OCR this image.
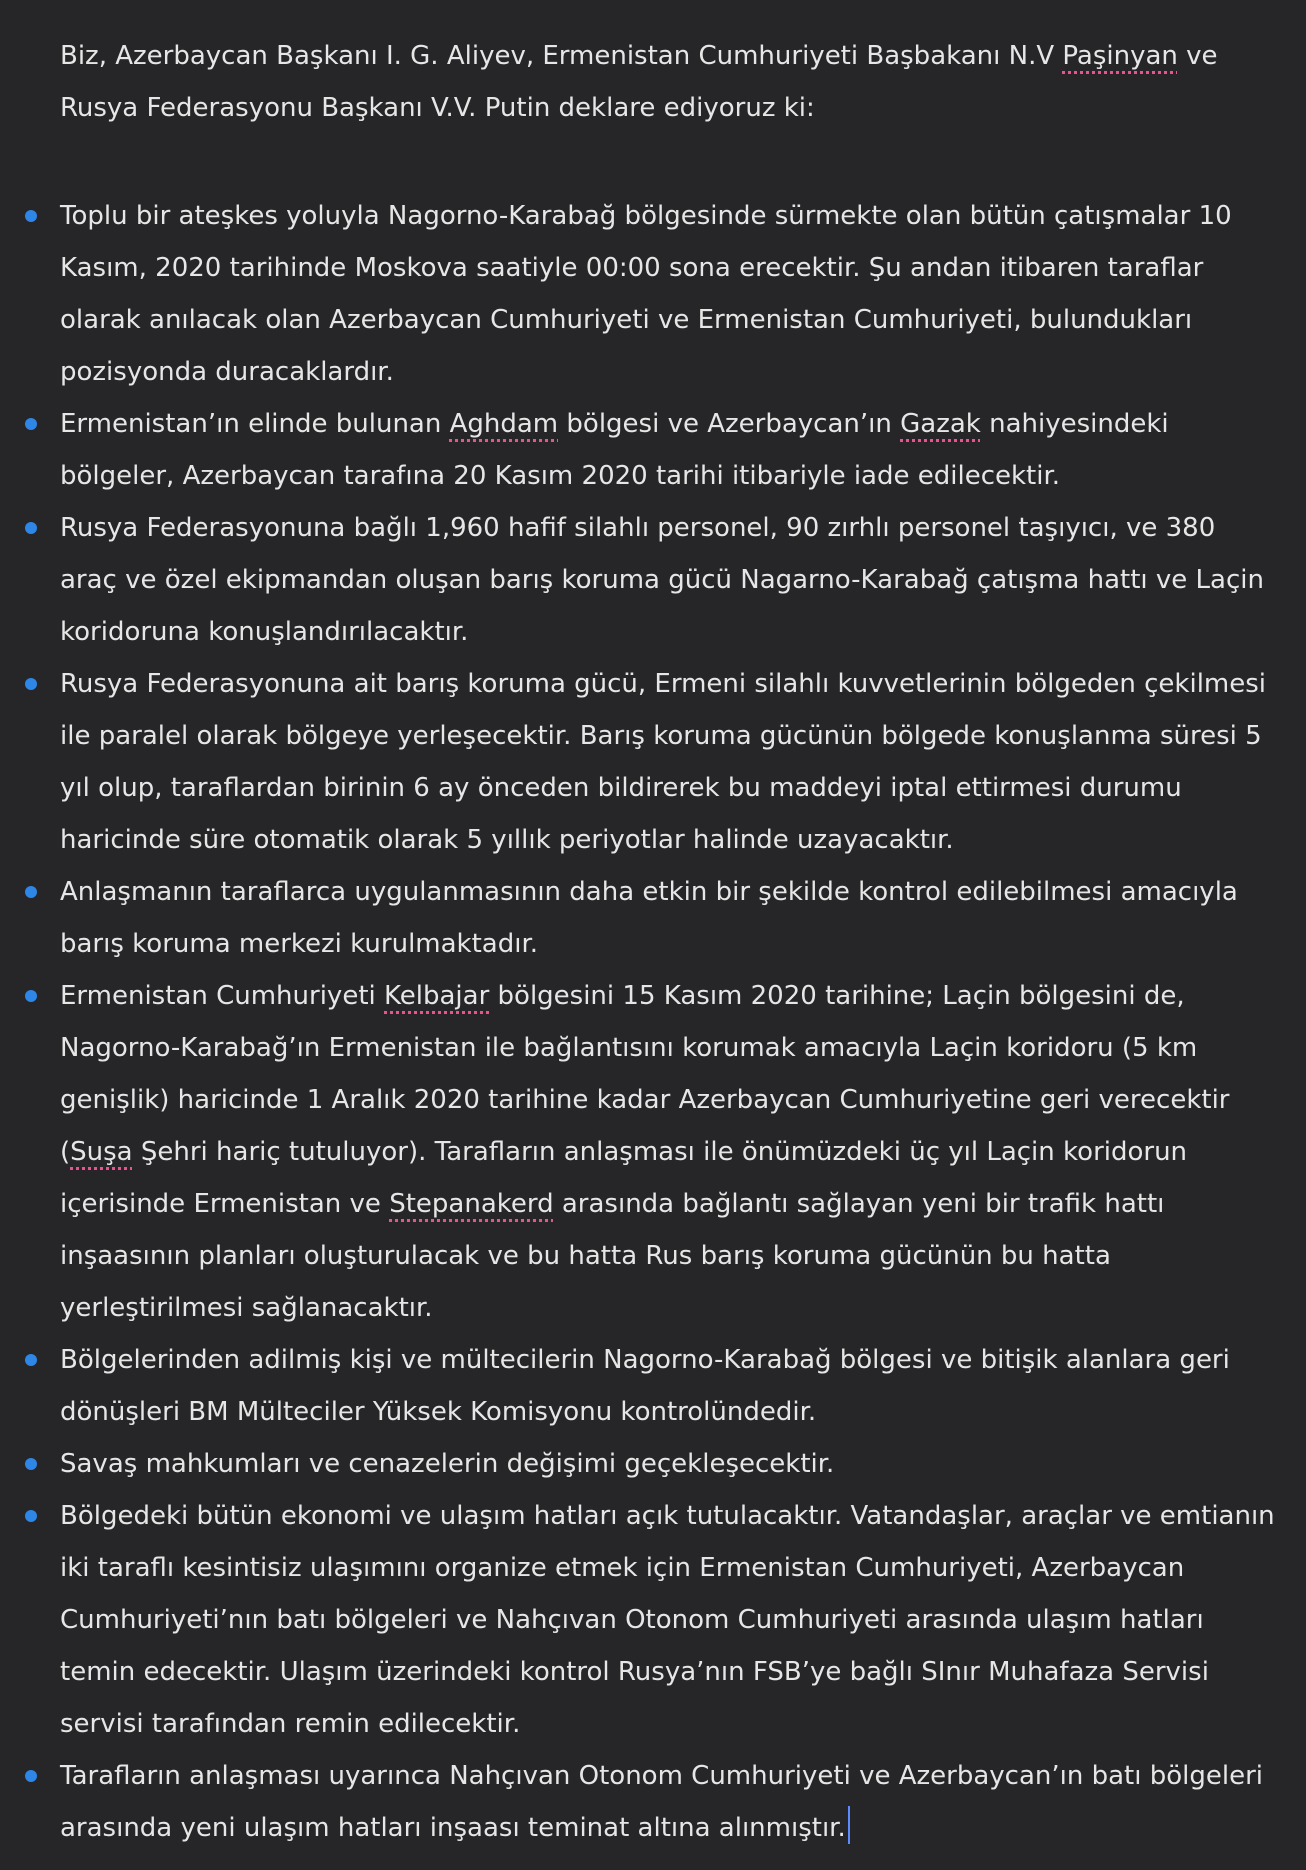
Biz, Azerbaycan Başkanı I. G. Aliyev, Ermenistan Cumhuriyeti Başbakanı N.V Paşinyan ve Rusya Federasyonu Başkanı V.V. Putin deklare ediyoruz ki:

Toplu bir ateşkes yoluyla Nagorno-Karabağ bölgesinde sürmekte olan bütün çatışmalar 10 Kasım, 2020 tarihinde Moskova saatiyle 00:00 sona erecektir. Şu andan itibaren taraflar olarak anılacak olan Azerbaycan Cumhuriyeti ve Ermenistan Cumhuriyeti, bulundukları pozisyonda duracaklardır.
Ermenistan’ın elinde bulunan Aghdam bölgesi ve Azerbaycan’ın Gazak nahiyesindeki bölgeler, Azerbaycan tarafına 20 Kasım 2020 tarihi itibariyle iade edilecektir.
Rusya Federasyonuna bağlı 1,960 hafif silahlı personel, 90 zırhlı personel taşıyıcı, ve 380 araç ve özel ekipmandan oluşan barış koruma gücü Nagarno-Karabağ çatışma hattı ve Laçin koridoruna konuşlandırılacaktır.
Rusya Federasyonuna ait barış koruma gücü, Ermeni silahlı kuvvetlerinin bölgeden çekilmesi ile paralel olarak bölgeye yerleşecektir. Barış koruma gücünün bölgede konuşlanma süresi 5 yıl olup, taraflardan birinin 6 ay önceden bildirerek bu maddeyi iptal ettirmesi durumu haricinde süre otomatik olarak 5 yıllık periyotlar halinde uzayacaktır.
Anlaşmanın taraflarca uygulanmasının daha etkin bir şekilde kontrol edilebilmesi amacıyla barış koruma merkezi kurulmaktadır.
Ermenistan Cumhuriyeti Kelbajar bölgesini 15 Kasım 2020 tarihine; Laçin bölgesini de, Nagorno-Karabağ’ın Ermenistan ile bağlantısını korumak amacıyla Laçin koridoru (5 km genişlik) haricinde 1 Aralık 2020 tarihine kadar Azerbaycan Cumhuriyetine geri verecektir (Suşa Şehri hariç tutuluyor). Tarafların anlaşması ile önümüzdeki üç yıl Laçin koridorun içerisinde Ermenistan ve Stepanakerd arasında bağlantı sağlayan yeni bir trafik hattı inşaasının planları oluşturulacak ve bu hatta Rus barış koruma gücünün bu hatta yerleştirilmesi sağlanacaktır.
Bölgelerinden adilmiş kişi ve mültecilerin Nagorno-Karabağ bölgesi ve bitişik alanlara geri dönüşleri BM Mülteciler Yüksek Komisyonu kontrolündedir.
Savaş mahkumları ve cenazelerin değişimi geçekleşecektir.
Bölgedeki bütün ekonomi ve ulaşım hatları açık tutulacaktır. Vatandaşlar, araçlar ve emtianın iki taraflı kesintisiz ulaşımını organize etmek için Ermenistan Cumhuriyeti, Azerbaycan Cumhuriyeti’nın batı bölgeleri ve Nahçıvan Otonom Cumhuriyeti arasında ulaşım hatları temin edecektir. Ulaşım üzerindeki kontrol Rusya’nın FSB’ye bağlı SInır Muhafaza Servisi servisi tarafından remin edilecektir.
Tarafların anlaşması uyarınca Nahçıvan Otonom Cumhuriyeti ve Azerbaycan’ın batı bölgeleri arasında yeni ulaşım hatları inşaası teminat altına alınmıştır.
